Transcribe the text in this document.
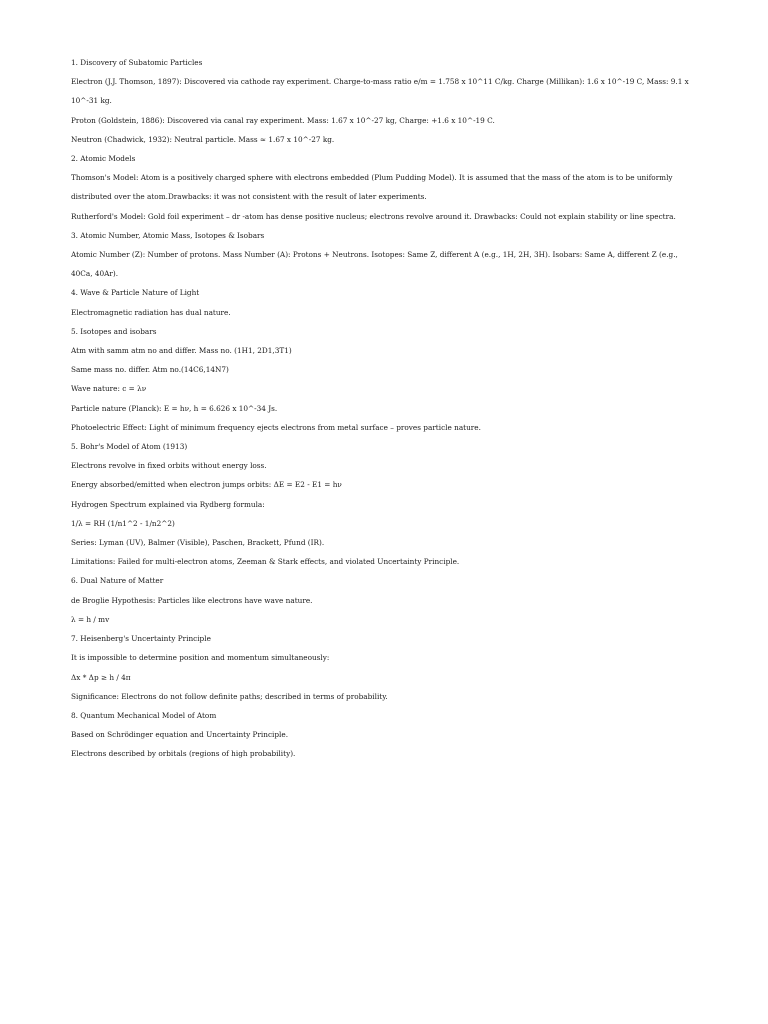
1. Discovery of Subatomic Particles

Electron (J.J. Thomson, 1897): Discovered via cathode ray experiment. Charge-to-mass ratio e/m = 1.758 x 10^11 C/kg. Charge (Millikan): 1.6 x 10^-19 C, Mass: 9.1 x 10^-31 kg.

Proton (Goldstein, 1886): Discovered via canal ray experiment. Mass: 1.67 x 10^-27 kg, Charge: +1.6 x 10^-19 C.

Neutron (Chadwick, 1932): Neutral particle. Mass ≈ 1.67 x 10^-27 kg.

2. Atomic Models

Thomson's Model: Atom is a positively charged sphere with electrons embedded (Plum Pudding Model). It is assumed that the mass of the atom is to be uniformly distributed over the atom.Drawbacks: it was not consistent with the result of later experiments.

Rutherford's Model: Gold foil experiment – dr -atom has dense positive nucleus; electrons revolve around it. Drawbacks: Could not explain stability or line spectra.

3. Atomic Number, Atomic Mass, Isotopes & Isobars

Atomic Number (Z): Number of protons. Mass Number (A): Protons + Neutrons. Isotopes: Same Z, different A (e.g., 1H, 2H, 3H). Isobars: Same A, different Z (e.g., 40Ca, 40Ar).

4. Wave & Particle Nature of Light

Electromagnetic radiation has dual nature.

5. Isotopes and isobars

Atm with samm atm no and differ. Mass no. (1H1, 2D1,3T1)

Same mass no. differ. Atm no.(14C6,14N7)

Wave nature: c = λν

Particle nature (Planck): E = hν, h = 6.626 x 10^-34 Js.

Photoelectric Effect: Light of minimum frequency ejects electrons from metal surface – proves particle nature.

5. Bohr's Model of Atom (1913)

Electrons revolve in fixed orbits without energy loss.

Energy absorbed/emitted when electron jumps orbits: ΔE = E2 - E1 = hν

Hydrogen Spectrum explained via Rydberg formula:

1/λ = RH (1/n1^2 - 1/n2^2)

Series: Lyman (UV), Balmer (Visible), Paschen, Brackett, Pfund (IR).

Limitations: Failed for multi-electron atoms, Zeeman & Stark effects, and violated Uncertainty Principle.

6. Dual Nature of Matter

de Broglie Hypothesis: Particles like electrons have wave nature.

λ = h / mv

7. Heisenberg's Uncertainty Principle

It is impossible to determine position and momentum simultaneously:

Δx * Δp ≥ h / 4π

Significance: Electrons do not follow definite paths; described in terms of probability.

8. Quantum Mechanical Model of Atom

Based on Schrödinger equation and Uncertainty Principle.

Electrons described by orbitals (regions of high probability).
